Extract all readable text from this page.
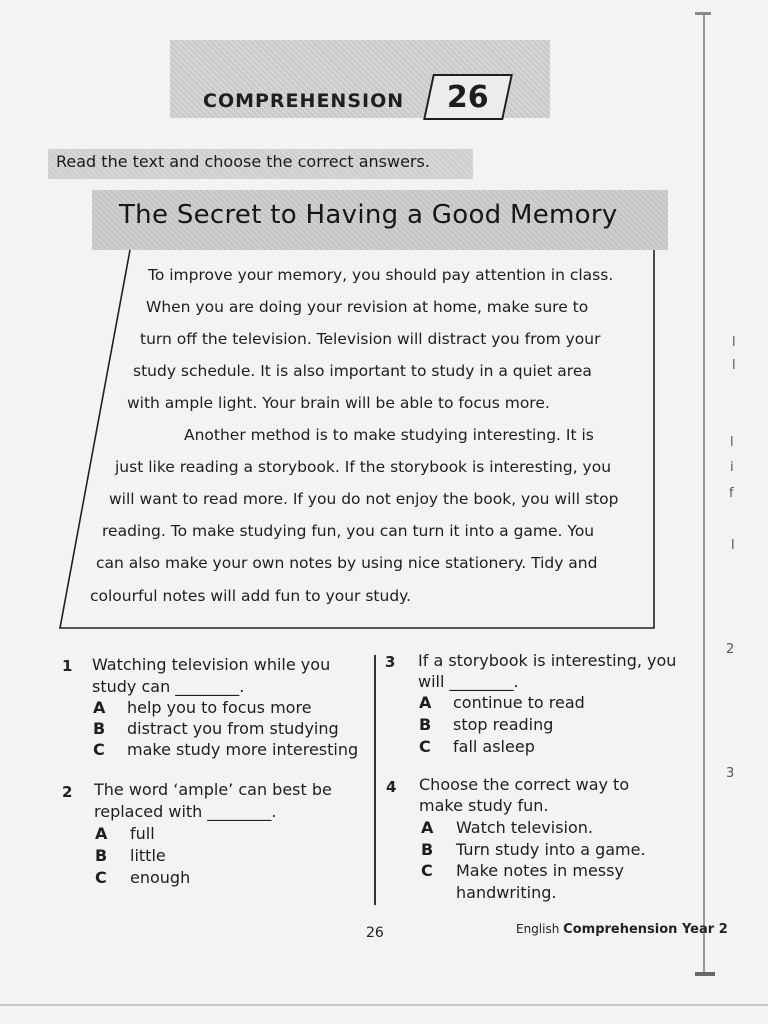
COMPREHENSION 26
Read the text and choose the correct answers.
The Secret to Having a Good Memory
To improve your memory, you should pay attention in class.
When you are doing your revision at home, make sure to
turn off the television. Television will distract you from your
study schedule. It is also important to study in a quiet area
with ample light. Your brain will be able to focus more.
Another method is to make studying interesting. It is
just like reading a storybook. If the storybook is interesting, you
will want to read more. If you do not enjoy the book, you will stop
reading. To make studying fun, you can turn it into a game. You
can also make your own notes by using nice stationery. Tidy and
colourful notes will add fun to your study.
1 Watching television while you
study can ________.
A help you to focus more
B distract you from studying
C make study more interesting
2 The word ‘ample’ can best be
replaced with ________.
A full
B little
C enough
3 If a storybook is interesting, you
will ________.
A continue to read
B stop reading
C fall asleep
4 Choose the correct way to
make study fun.
A Watch television.
B Turn study into a game.
C Make notes in messy
handwriting.
26	English Comprehension Year 2
l
l
l
i
f
l
2
3
